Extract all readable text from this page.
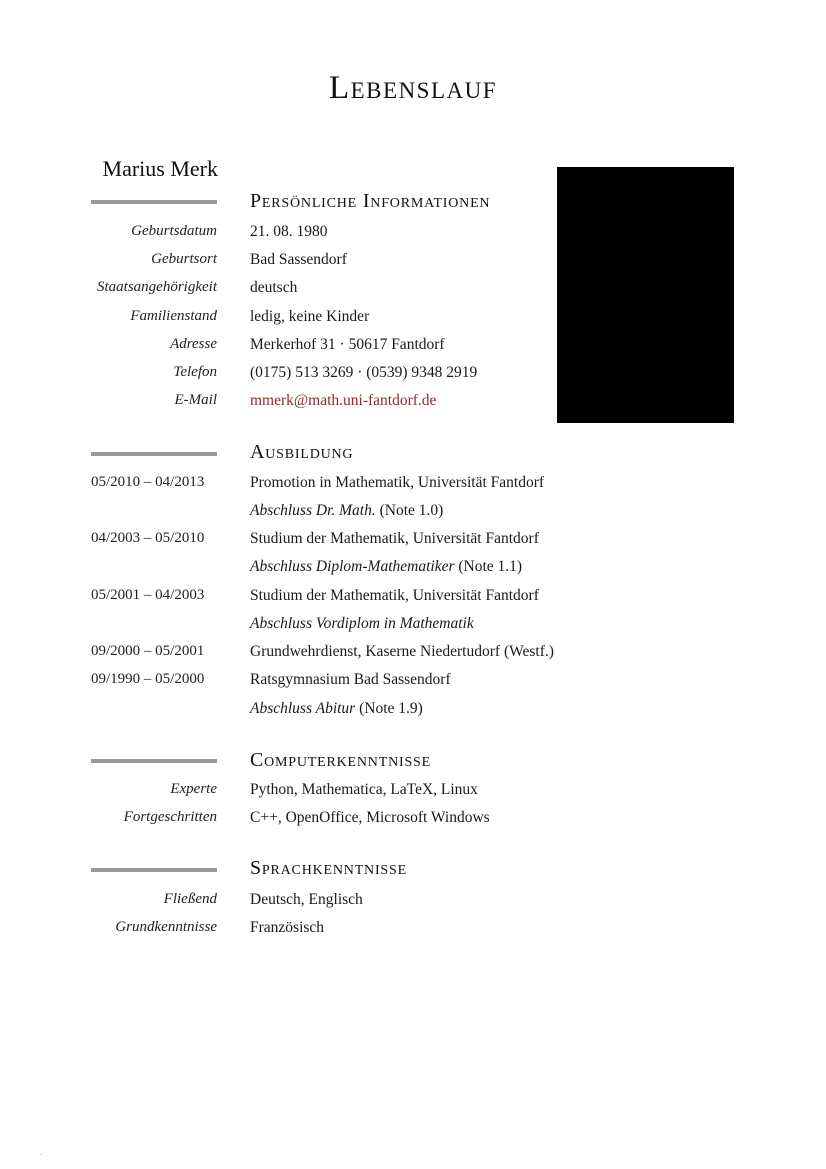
Lebenslauf
Marius Merk
Persönliche Informationen
Geburtsdatum 21. 08. 1980
Geburtsort Bad Sassendorf
Staatsangehörigkeit deutsch
Familienstand ledig, keine Kinder
Adresse Merkerhof 31 · 50617 Fantdorf
Telefon (0175) 513 3269 · (0539) 9348 2919
E-Mail mmerk@math.uni-fantdorf.de
Ausbildung
05/2010 – 04/2013	Promotion in Mathematik, Universität Fantdorf
Abschluss Dr. Math. (Note 1.0)
04/2003 – 05/2010	Studium der Mathematik, Universität Fantdorf
Abschluss Diplom-Mathematiker (Note 1.1)
05/2001 – 04/2003	Studium der Mathematik, Universität Fantdorf
Abschluss Vordiplom in Mathematik
09/2000 – 05/2001	Grundwehrdienst, Kaserne Niedertudorf (Westf.)
09/1990 – 05/2000	Ratsgymnasium Bad Sassendorf
Abschluss Abitur (Note 1.9)
Computerkenntnisse
Experte Python, Mathematica, LaTeX, Linux
Fortgeschritten C++, OpenOffice, Microsoft Windows
Sprachkenntnisse
Fließend Deutsch, Englisch
Grundkenntnisse Französisch
.
